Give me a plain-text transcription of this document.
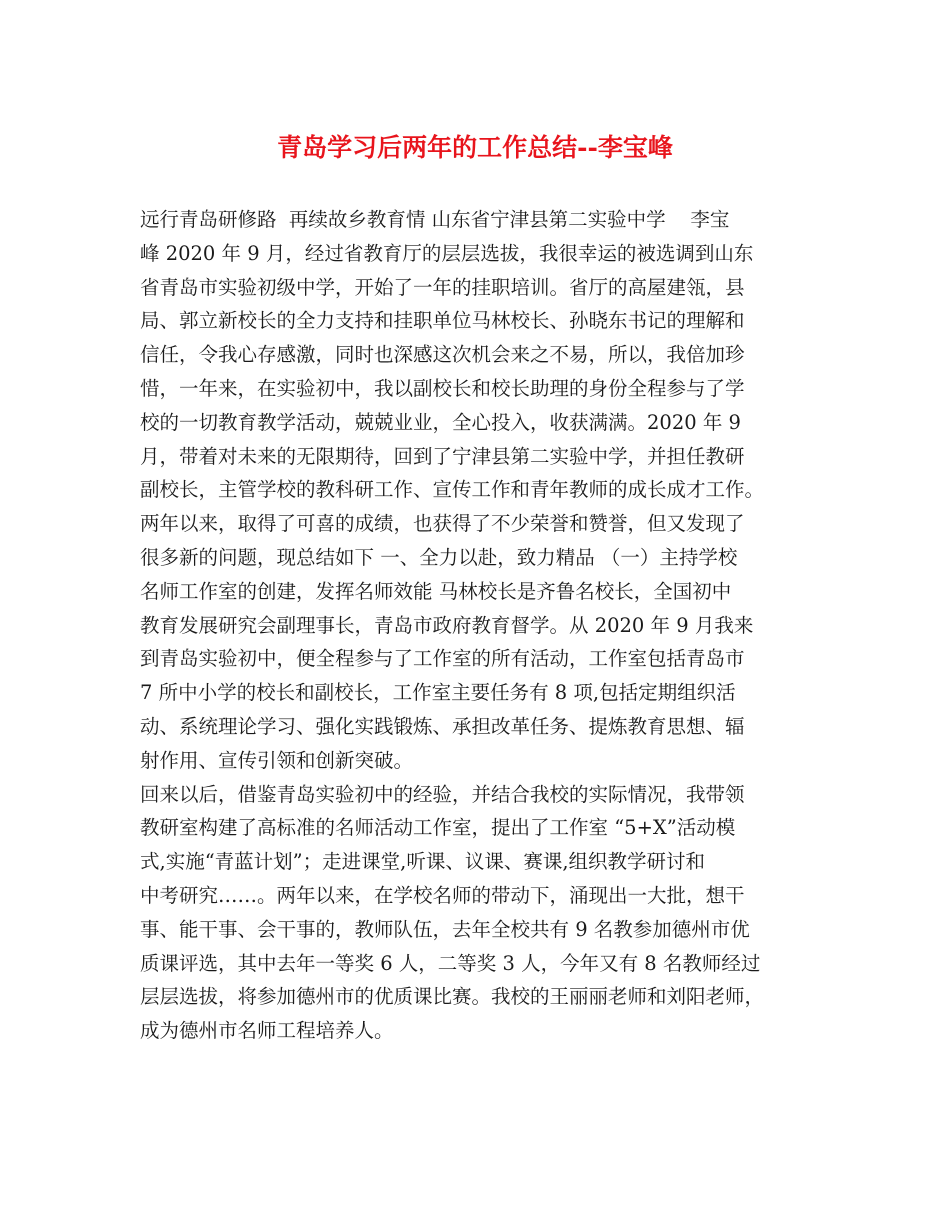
青岛学习后两年的工作总结--李宝峰
远行青岛研修路  再续故乡教育情 山东省宁津县第二实验中学    李宝
峰 2020 年 9 月，经过省教育厅的层层选拔，我很幸运的被选调到山东
省青岛市实验初级中学，开始了一年的挂职培训。省厅的高屋建瓴，县
局、郭立新校长的全力支持和挂职单位马林校长、孙晓东书记的理解和
信任，令我心存感激，同时也深感这次机会来之不易，所以，我倍加珍
惜，一年来，在实验初中，我以副校长和校长助理的身份全程参与了学
校的一切教育教学活动，兢兢业业，全心投入，收获满满。2020 年 9
月，带着对未来的无限期待，回到了宁津县第二实验中学，并担任教研
副校长，主管学校的教科研工作、宣传工作和青年教师的成长成才工作。
两年以来，取得了可喜的成绩，也获得了不少荣誉和赞誉，但又发现了
很多新的问题，现总结如下 一、全力以赴，致力精品 （一）主持学校
名师工作室的创建，发挥名师效能 马林校长是齐鲁名校长，全国初中
教育发展研究会副理事长，青岛市政府教育督学。从 2020 年 9 月我来
到青岛实验初中，便全程参与了工作室的所有活动，工作室包括青岛市
7 所中小学的校长和副校长，工作室主要任务有 8 项,包括定期组织活
动、系统理论学习、强化实践锻炼、承担改革任务、提炼教育思想、辐
射作用、宣传引领和创新突破。
回来以后，借鉴青岛实验初中的经验，并结合我校的实际情况，我带领
教研室构建了高标准的名师活动工作室，提出了工作室 “5+X”活动模
式,实施“青蓝计划”；走进课堂,听课、议课、赛课,组织教学研讨和
中考研究……。两年以来，在学校名师的带动下，涌现出一大批，想干
事、能干事、会干事的，教师队伍，去年全校共有 9 名教参加德州市优
质课评选，其中去年一等奖 6 人，二等奖 3 人，今年又有 8 名教师经过
层层选拔，将参加德州市的优质课比赛。我校的王丽丽老师和刘阳老师，
成为德州市名师工程培养人。
